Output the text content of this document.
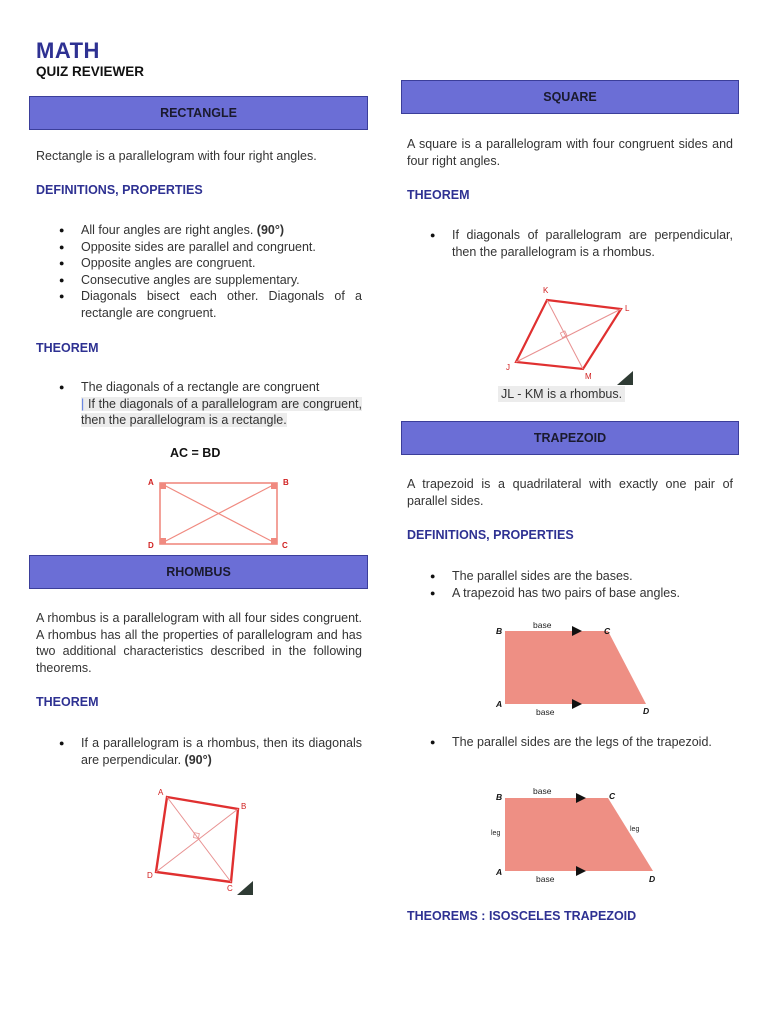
MATH
QUIZ REVIEWER
RECTANGLE
Rectangle is a parallelogram with four right angles.
DEFINITIONS, PROPERTIES
● All four angles are right angles. (90°)
● Opposite sides are parallel and congruent.
● Opposite angles are congruent.
● Consecutive angles are supplementary.
● Diagonals bisect each other. Diagonals of a rectangle are congruent.
THEOREM
● The diagonals of a rectangle are congruent
| If the diagonals of a parallelogram are congruent, then the parallelogram is a rectangle.
AC = BD
A	B
C
D
RHOMBUS
A rhombus is a parallelogram with all four sides congruent. A rhombus has all the properties of parallelogram and has two additional characteristics described in the following theorems.
THEOREM
● If a parallelogram is a rhombus, then its diagonals are perpendicular. (90°)
A
B
C
D
SQUARE
A square is a parallelogram with four congruent sides and four right angles.
THEOREM
● If diagonals of parallelogram are perpendicular, then the parallelogram is a rhombus.
K
L
M
J
JL - KM is a rhombus.
TRAPEZOID
A trapezoid is a quadrilateral with exactly one pair of parallel sides.
DEFINITIONS, PROPERTIES
● The parallel sides are the bases.
● A trapezoid has two pairs of base angles.
base
base
B	C
A
D
● The parallel sides are the legs of the trapezoid.
base
base
leg
leg
B	C
A
D
THEOREMS : ISOSCELES TRAPEZOID
